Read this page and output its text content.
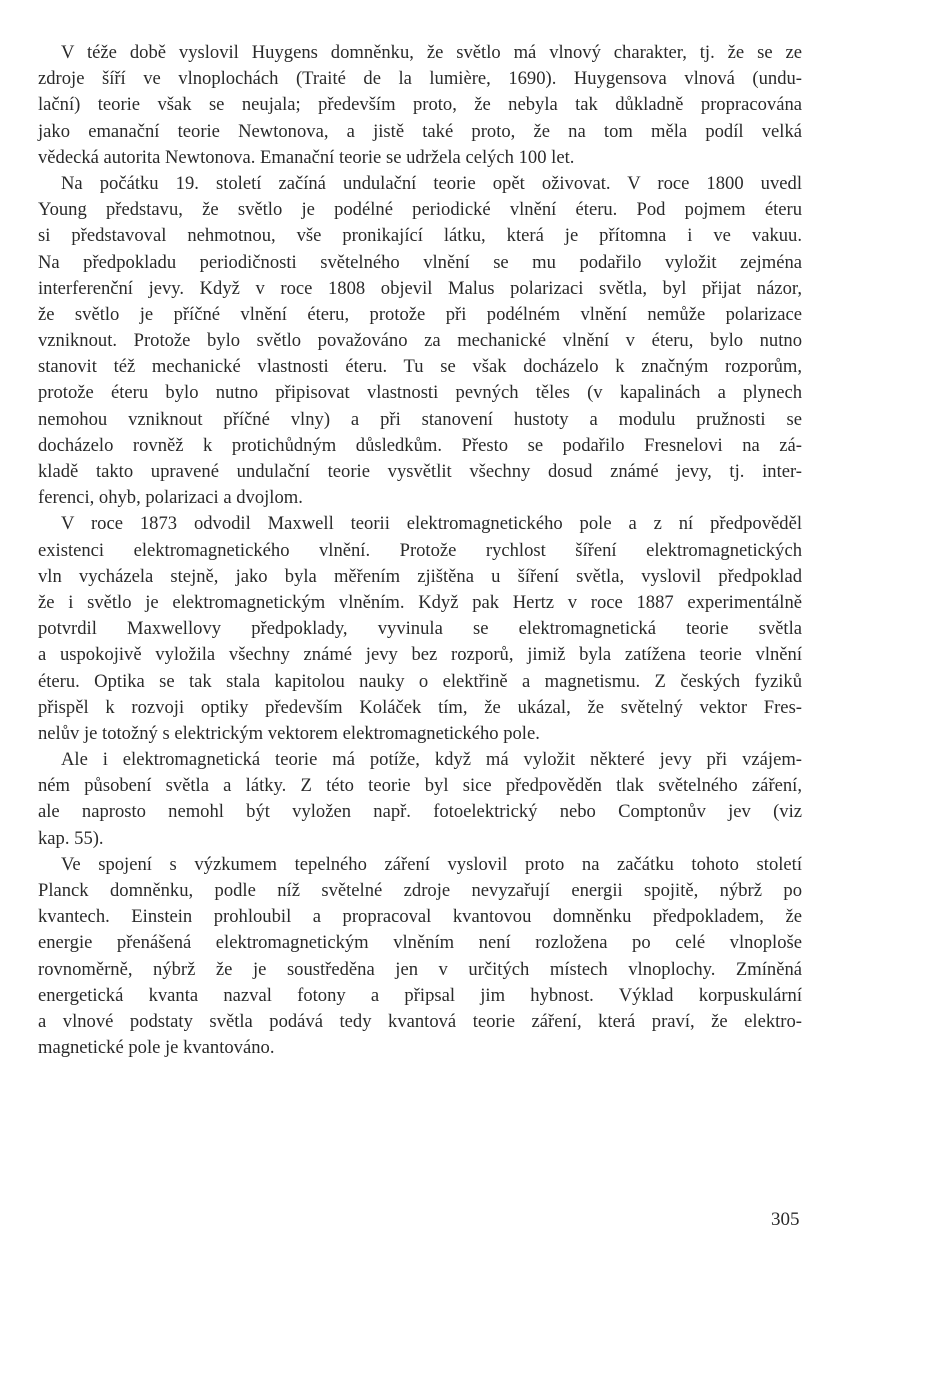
V téže době vyslovil Huygens domněnku, že světlo má vlnový charakter, tj. že se ze
zdroje šíří ve vlnoplochách (Traité de la lumière, 1690). Huygensova vlnová (undu-
lační) teorie však se neujala; především proto, že nebyla tak důkladně propracována
jako emanační teorie Newtonova, a jistě také proto, že na tom měla podíl velká
vědecká autorita Newtonova. Emanační teorie se udržela celých 100 let.
Na počátku 19. století začíná undulační teorie opět oživovat. V roce 1800 uvedl
Young představu, že světlo je podélné periodické vlnění éteru. Pod pojmem éteru
si představoval nehmotnou, vše pronikající látku, která je přítomna i ve vakuu.
Na předpokladu periodičnosti světelného vlnění se mu podařilo vyložit zejména
interferenční jevy. Když v roce 1808 objevil Malus polarizaci světla, byl přijat názor,
že světlo je příčné vlnění éteru, protože při podélném vlnění nemůže polarizace
vzniknout. Protože bylo světlo považováno za mechanické vlnění v éteru, bylo nutno
stanovit též mechanické vlastnosti éteru. Tu se však docházelo k značným rozporům,
protože éteru bylo nutno připisovat vlastnosti pevných těles (v kapalinách a plynech
nemohou vzniknout příčné vlny) a při stanovení hustoty a modulu pružnosti se
docházelo rovněž k protichůdným důsledkům. Přesto se podařilo Fresnelovi na zá-
kladě takto upravené undulační teorie vysvětlit všechny dosud známé jevy, tj. inter-
ferenci, ohyb, polarizaci a dvojlom.
V roce 1873 odvodil Maxwell teorii elektromagnetického pole a z ní předpověděl
existenci elektromagnetického vlnění. Protože rychlost šíření elektromagnetických
vln vycházela stejně, jako byla měřením zjištěna u šíření světla, vyslovil předpoklad
že i světlo je elektromagnetickým vlněním. Když pak Hertz v roce 1887 experimentálně
potvrdil Maxwellovy předpoklady, vyvinula se elektromagnetická teorie světla
a uspokojivě vyložila všechny známé jevy bez rozporů, jimiž byla zatížena teorie vlnění
éteru. Optika se tak stala kapitolou nauky o elektřině a magnetismu. Z českých fyziků
přispěl k rozvoji optiky především Koláček tím, že ukázal, že světelný vektor Fres-
nelův je totožný s elektrickým vektorem elektromagnetického pole.
Ale i elektromagnetická teorie má potíže, když má vyložit některé jevy při vzájem-
ném působení světla a látky. Z této teorie byl sice předpověděn tlak světelného záření,
ale naprosto nemohl být vyložen např. fotoelektrický nebo Comptonův jev (viz
kap. 55).
Ve spojení s výzkumem tepelného záření vyslovil proto na začátku tohoto století
Planck domněnku, podle níž světelné zdroje nevyzařují energii spojitě, nýbrž po
kvantech. Einstein prohloubil a propracoval kvantovou domněnku předpokladem, že
energie přenášená elektromagnetickým vlněním není rozložena po celé vlnoploše
rovnoměrně, nýbrž že je soustředěna jen v určitých místech vlnoplochy. Zmíněná
energetická kvanta nazval fotony a připsal jim hybnost. Výklad korpuskulární
a vlnové podstaty světla podává tedy kvantová teorie záření, která praví, že elektro-
magnetické pole je kvantováno.
305
